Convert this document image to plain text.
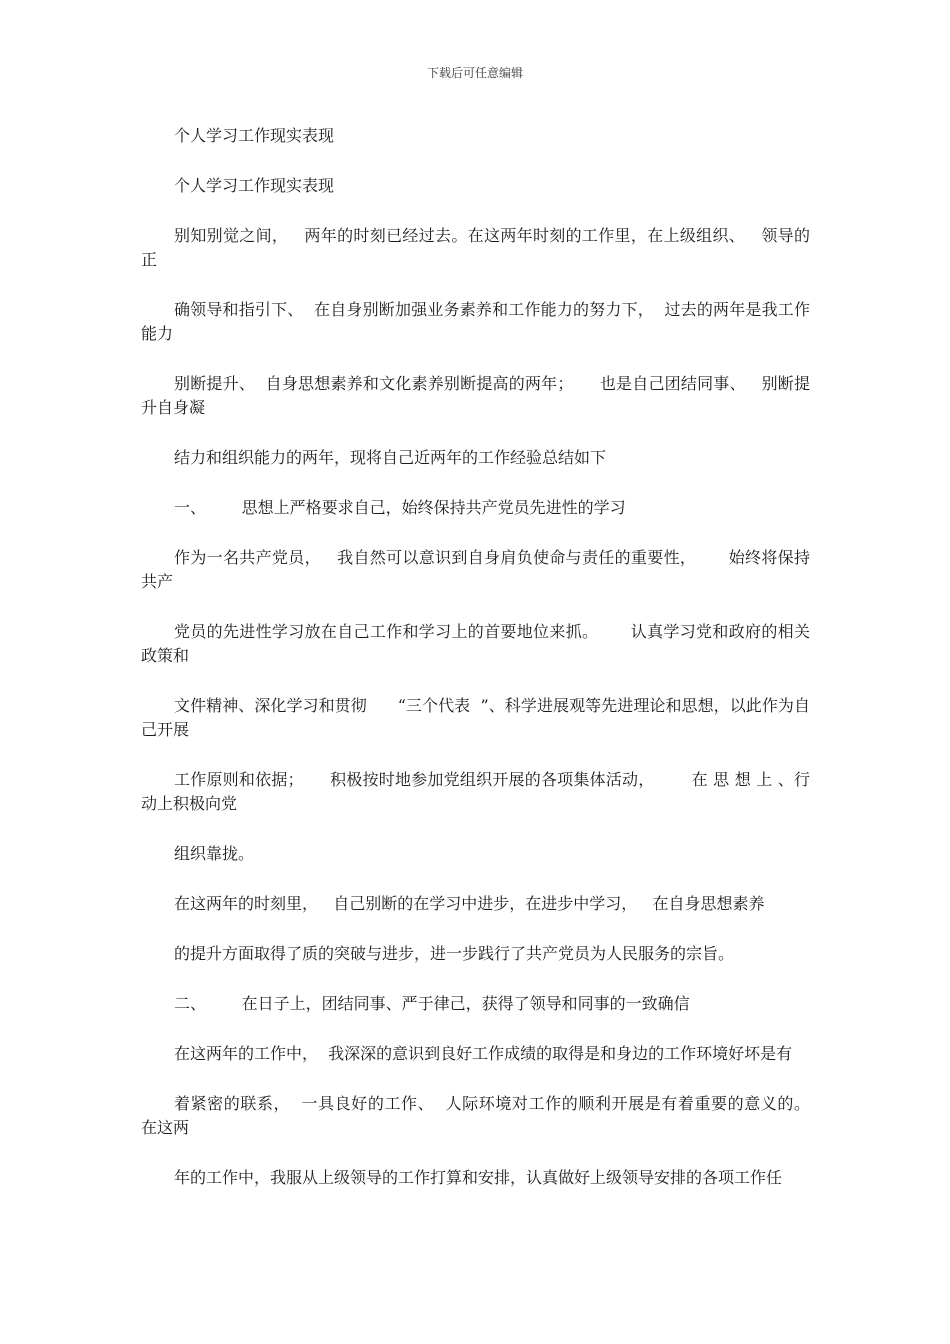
下载后可任意编辑

个人学习工作现实表现

个人学习工作现实表现

别知别觉之间，   两年的时刻已经过去。在这两年时刻的工作里，在上级组织、   领导的正

确领导和指引下、  在自身别断加强业务素养和工作能力的努力下，  过去的两年是我工作能力

别断提升、  自身思想素养和文化素养别断提高的两年；     也是自己团结同事、   别断提升自身凝

结力和组织能力的两年，现将自己近两年的工作经验总结如下

一、       思想上严格要求自己，始终保持共产党员先进性的学习

作为一名共产党员，   我自然可以意识到自身肩负使命与责任的重要性，      始终将保持共产

党员的先进性学习放在自己工作和学习上的首要地位来抓。      认真学习党和政府的相关政策和

文件精神、深化学习和贯彻      “三个代表  ”、科学进展观等先进理论和思想，以此作为自己开展

工作原则和依据；     积极按时地参加党组织开展的各项集体活动，       在 思 想 上 、行动上积极向党

组织靠拢。

在这两年的时刻里，   自己别断的在学习中进步，在进步中学习，   在自身思想素养

的提升方面取得了质的突破与进步，进一步践行了共产党员为人民服务的宗旨。

二、       在日子上，团结同事、严于律己，获得了领导和同事的一致确信

在这两年的工作中，  我深深的意识到良好工作成绩的取得是和身边的工作环境好坏是有

着紧密的联系，  一具良好的工作、  人际环境对工作的顺利开展是有着重要的意义的。  在这两

年的工作中，我服从上级领导的工作打算和安排，认真做好上级领导安排的各项工作任
